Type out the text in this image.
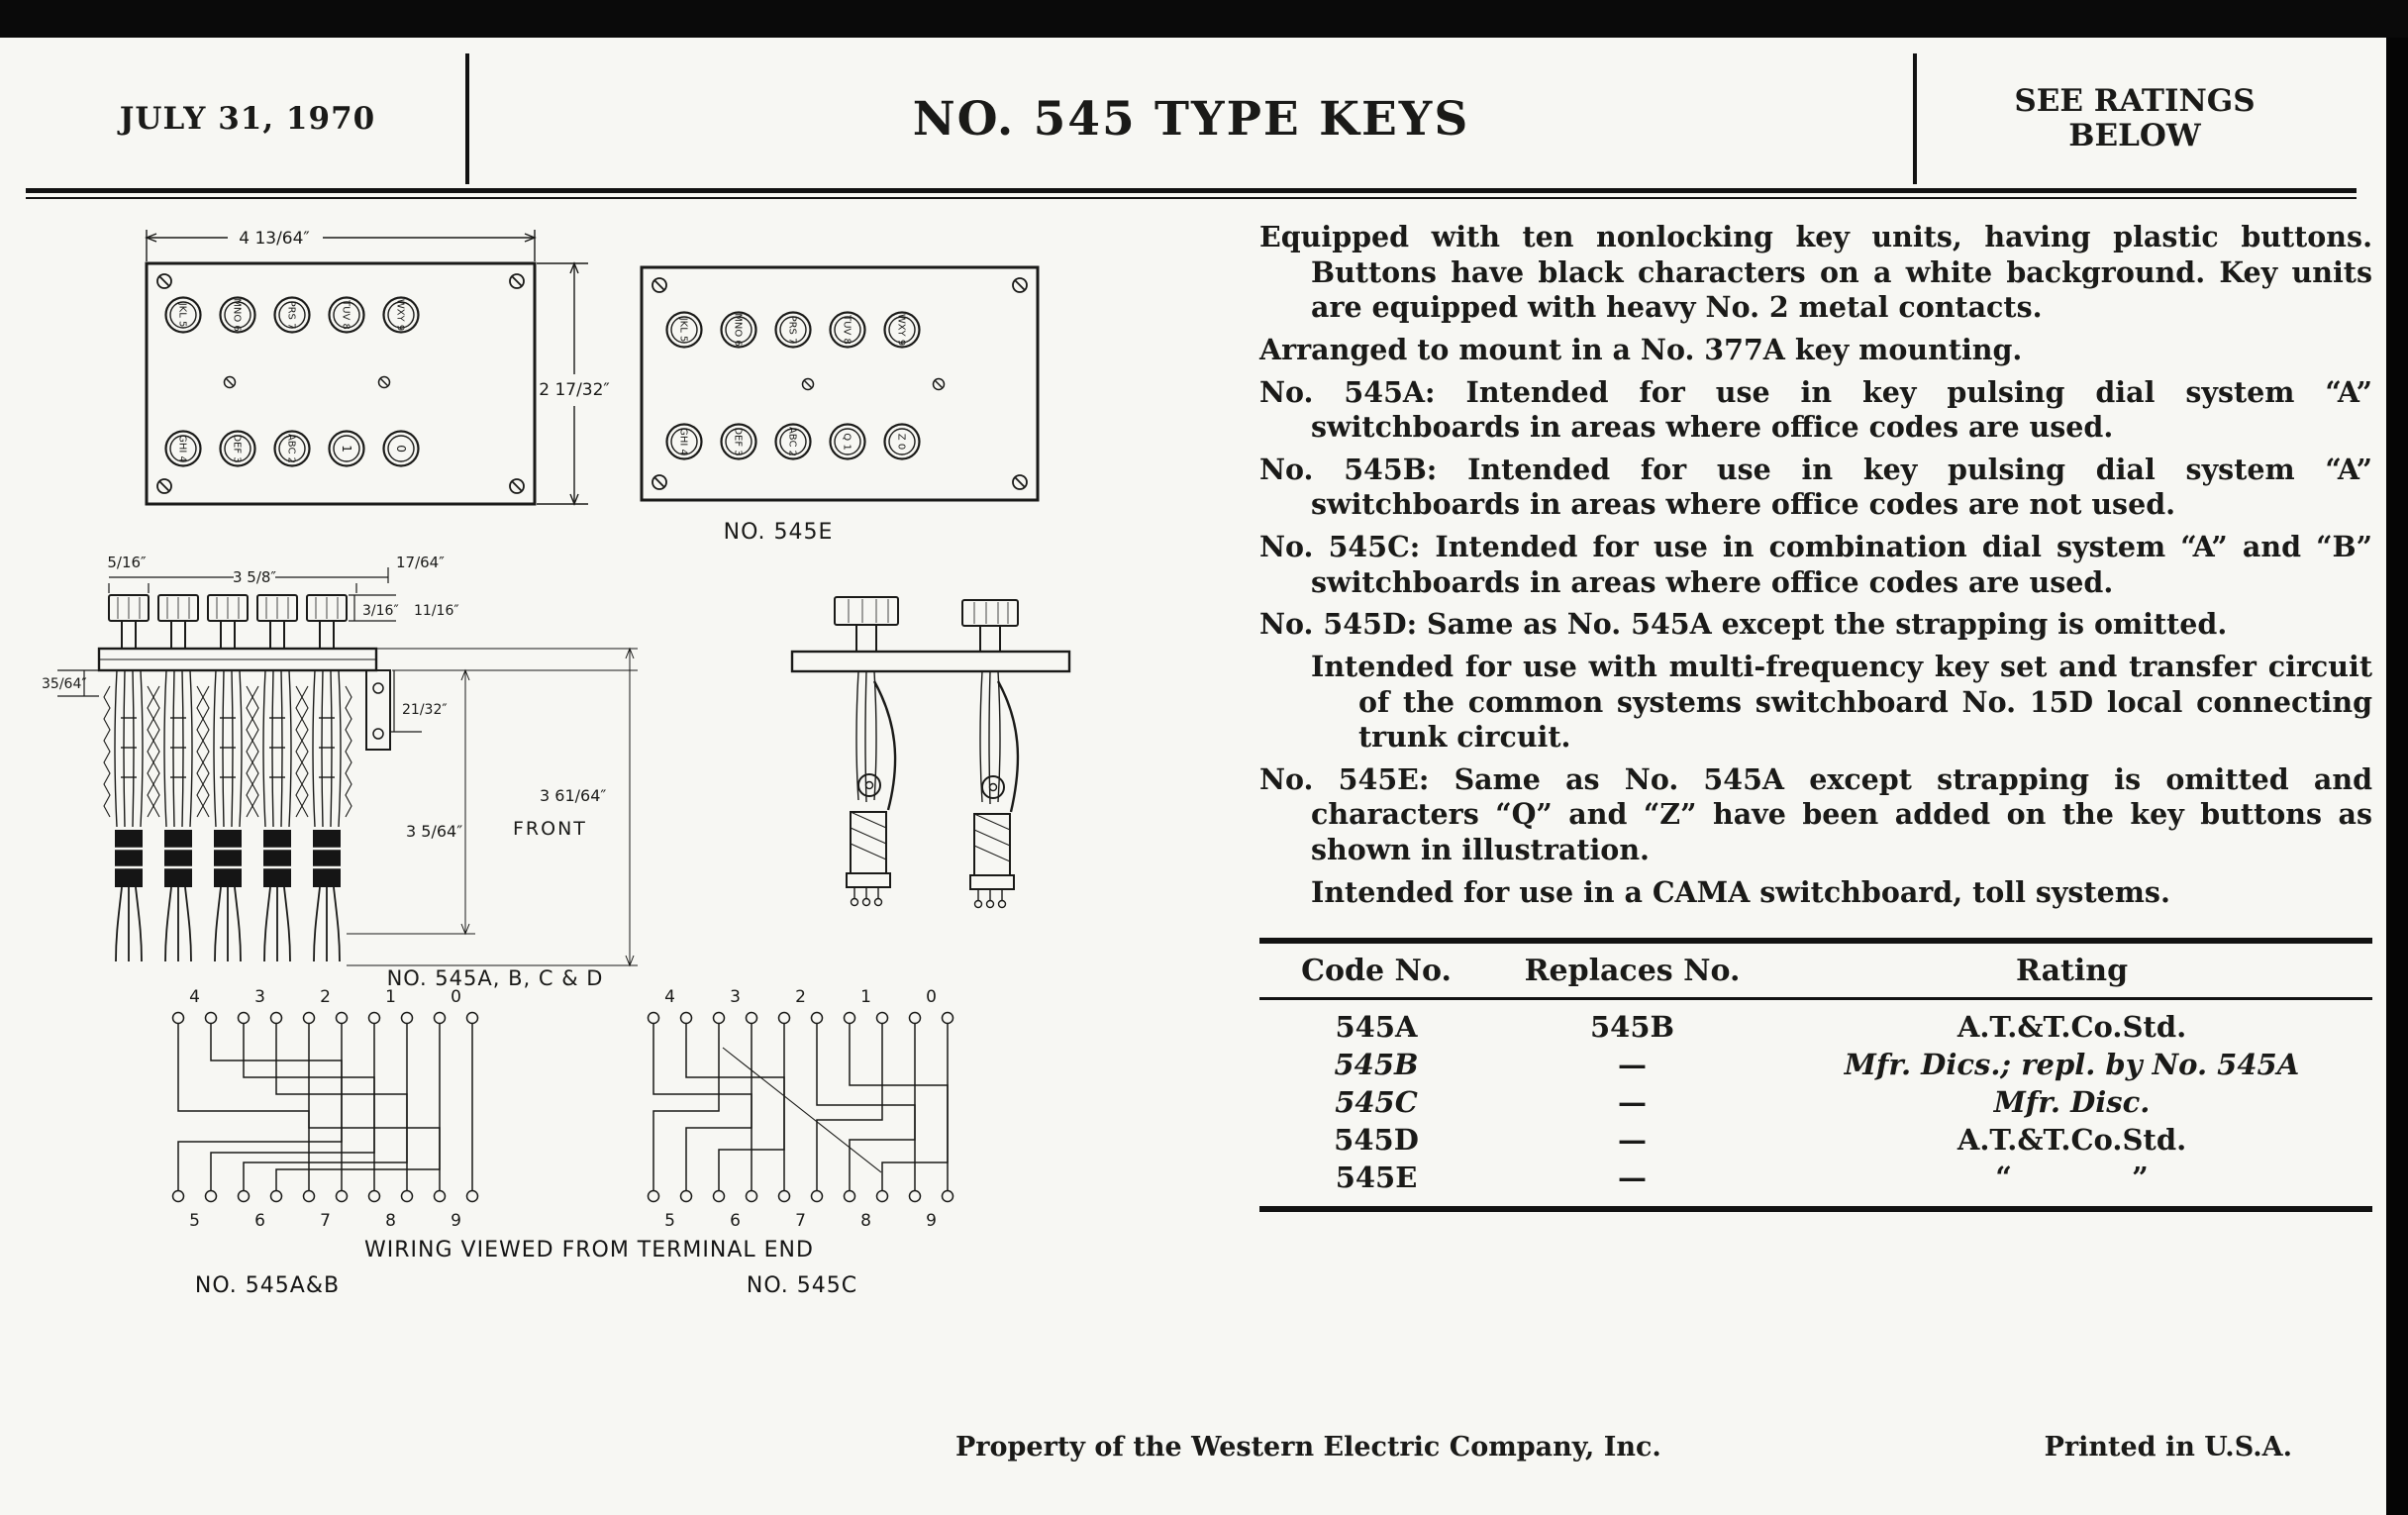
JULY 31, 1970	NO. 545 TYPE KEYS	SEE RATINGS
BELOW
4 13/64″
2 17/32″
JKL 5	MNO 6	PRS 7	TUV 8	WXY 9
GHI 4	DEF 3	ABC 2	1	0
JKL 5	MNO 6	PRS 7	TUV 8	WXY 9
GHI 4	DEF 3	ABC 2	Q 1	Z 0
NO. 545E
5/16″
3 5/8″
17/64″
3/16″ 11/16″
35/64″
21/32″
3 5/64″
3 61/64″
FRONT
NO. 545A, B, C & D
4	3	2	1	0
5	6	7	8	9
4	3	2	1	0
5	6	7	8	9
WIRING VIEWED FROM TERMINAL END
NO. 545A&B	NO. 545C

Equipped with ten nonlocking key units, having plastic buttons. Buttons have black characters on a white background. Key units are equipped with heavy No. 2 metal contacts.

Arranged to mount in a No. 377A key mounting.

No. 545A: Intended for use in key pulsing dial system “A” switchboards in areas where office codes are used.

No. 545B: Intended for use in key pulsing dial system “A” switchboards in areas where office codes are not used.

No. 545C: Intended for use in combination dial system “A” and “B” switchboards in areas where office codes are used.

No. 545D: Same as No. 545A except the strapping is omitted.

Intended for use with multi-frequency key set and transfer circuit of the common systems switchboard No. 15D local connecting trunk circuit.

No. 545E: Same as No. 545A except strapping is omitted and characters “Q” and “Z” have been added on the key buttons as shown in illustration.

Intended for use in a CAMA switchboard, toll systems.

Code No.	Replaces No.	Rating
545A	545B	A.T.&T.Co.Std.
545B	—	Mfr. Dics.; repl. by No. 545A
545C	—	Mfr. Disc.
545D	—	A.T.&T.Co.Std.
545E	—	“            ”
Property of the Western Electric Company, Inc.	Printed in U.S.A.
